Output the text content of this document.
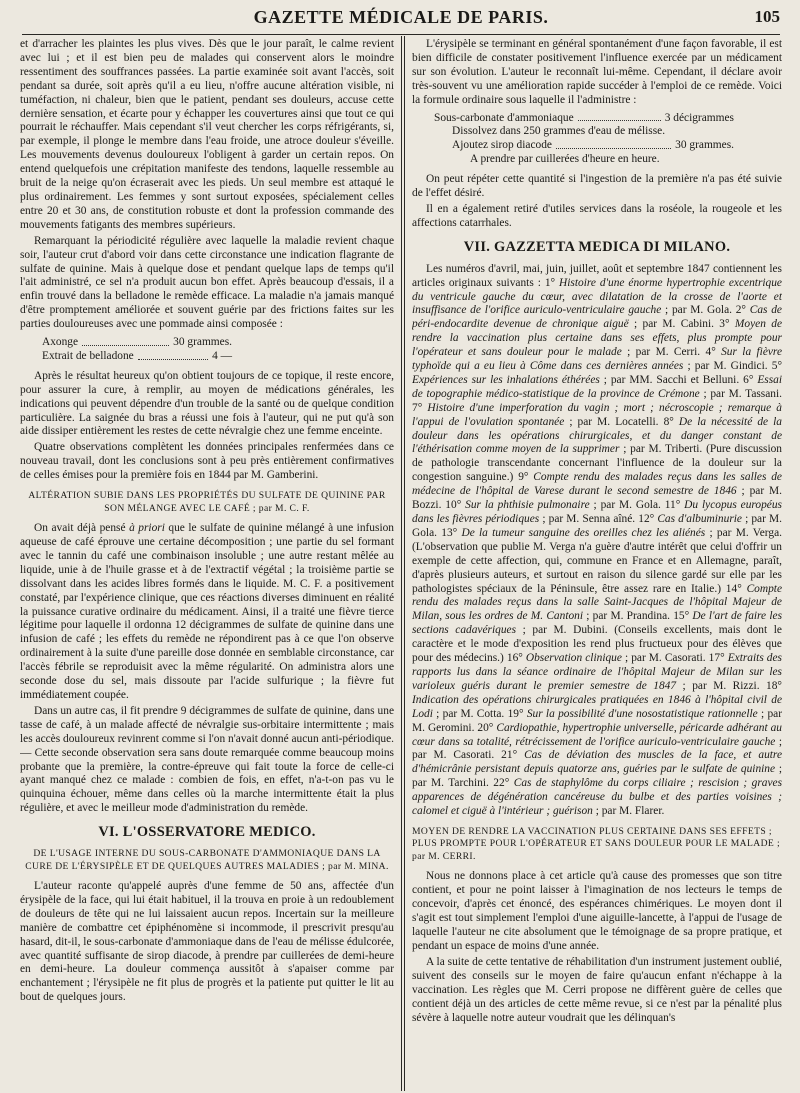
GAZETTE MÉDICALE DE PARIS.	105

et d'arracher les plaintes les plus vives. Dès que le jour paraît, le calme revient avec lui ; et il est bien peu de malades qui conservent alors le moindre ressentiment des souffrances passées. La partie examinée soit avant l'accès, soit pendant sa durée, soit après qu'il a eu lieu, n'offre aucune altération visible, ni tuméfaction, ni chaleur, bien que le patient, pendant ses douleurs, accuse cette dernière sensation, et écarte pour y échapper les couvertures ainsi que tout ce qui pourrait le réchauffer. Mais cependant s'il veut chercher les corps réfrigérants, si, par exemple, il plonge le membre dans l'eau froide, une atroce douleur s'éveille. Les mouvements devenus douloureux l'obligent à garder un certain repos. On entend quelquefois une crépitation manifeste des tendons, laquelle ressemble au bruit de la neige qu'on écraserait avec les pieds. Un seul membre est attaqué le plus ordinairement. Les femmes y sont surtout exposées, spécialement celles entre 20 et 30 ans, de constitution robuste et dont la profession commande des mouvements fatigants des membres supérieurs.

Remarquant la périodicité régulière avec laquelle la maladie revient chaque soir, l'auteur crut d'abord voir dans cette circonstance une indication flagrante de sulfate de quinine. Mais à quelque dose et pendant quelque laps de temps qu'il l'ait administré, ce sel n'a produit aucun bon effet. Après beaucoup d'essais, il a enfin trouvé dans la belladone le remède efficace. La maladie n'a jamais manqué d'être promptement améliorée et souvent guérie par des frictions faites sur les parties douloureuses avec une pommade ainsi composée :

Axonge	30 grammes.
Extrait de belladone	4 —

Après le résultat heureux qu'on obtient toujours de ce topique, il reste encore, pour assurer la cure, à remplir, au moyen de médications générales, les indications qui peuvent dépendre d'un trouble de la santé ou de quelque condition particulière. La saignée du bras a réussi une fois à l'auteur, qui ne put qu'à son aide dissiper entièrement les restes de cette névralgie chez une femme enceinte.

Quatre observations complètent les données principales renfermées dans ce nouveau travail, dont les conclusions sont à peu près entièrement confirmatives de celles émises pour la première fois en 1844 par M. Gamberini.

ALTÉRATION SUBIE DANS LES PROPRIÉTÉS DU SULFATE DE QUININE PAR SON MÉLANGE AVEC LE CAFÉ ; par M. C. F.

On avait déjà pensé à priori que le sulfate de quinine mélangé à une infusion aqueuse de café éprouve une certaine décomposition ; une partie du sel formant avec le tannin du café une combinaison insoluble ; une autre restant mêlée au liquide, unie à de l'huile grasse et à de l'extractif végétal ; la troisième partie se dissolvant dans les acides libres formés dans le liquide. M. C. F. a positivement constaté, par l'expérience clinique, que ces réactions diverses diminuent en réalité la puissance curative ordinaire du médicament. Ainsi, il a traité une fièvre tierce légitime pour laquelle il ordonna 12 décigrammes de sulfate de quinine dans une infusion de café ; les effets du remède ne répondirent pas à ce que l'on observe ordinairement à la suite d'une pareille dose donnée en semblable circonstance, car l'accès fébrile se reproduisit avec la même régularité. On administra alors une seconde dose du sel, mais dissoute par l'acide sulfurique ; la fièvre fut immédiatement coupée.

Dans un autre cas, il fit prendre 9 décigrammes de sulfate de quinine, dans une tasse de café, à un malade affecté de névralgie sus-orbitaire intermittente ; mais les accès douloureux revinrent comme si l'on n'avait donné aucun anti-périodique. — Cette seconde observation sera sans doute remarquée comme beaucoup moins probante que la première, la contre-épreuve qui fait toute la force de celle-ci ayant manqué chez ce malade : combien de fois, en effet, n'a-t-on pas vu le quinquina échouer, même dans celles où la marche intermittente était la plus régulière, et avec le meilleur mode d'administration du remède.

VI. L'OSSERVATORE MEDICO.
DE L'USAGE INTERNE DU SOUS-CARBONATE D'AMMONIAQUE DANS LA CURE DE L'ÉRYSIPÈLE ET DE QUELQUES AUTRES MALADIES ; par M. MINA.

L'auteur raconte qu'appelé auprès d'une femme de 50 ans, affectée d'un érysipèle de la face, qui lui était habituel, il la trouva en proie à un redoublement de douleurs de tête qui ne lui laissaient aucun repos. Incertain sur la meilleure manière de combattre cet épiphénomène si incommode, il prescrivit presqu'au hasard, dit-il, le sous-carbonate d'ammoniaque dans de l'eau de mélisse édulcorée, avec quantité suffisante de sirop diacode, à prendre par cuillerées de demi-heure en demi-heure. La douleur commença aussitôt à s'apaiser comme par enchantement ; l'érysipèle ne fit plus de progrès et la patiente put quitter le lit au bout de quelques jours.

L'érysipèle se terminant en général spontanément d'une façon favorable, il est bien difficile de constater positivement l'influence exercée par un médicament sur son évolution. L'auteur le reconnaît lui-même. Cependant, il déclare avoir très-souvent vu une amélioration rapide succéder à l'emploi de ce remède. Voici la formule ordinaire sous laquelle il l'administre :

Sous-carbonate d'ammoniaque	3 décigrammes
Dissolvez dans 250 grammes d'eau de mélisse.
Ajoutez sirop diacode	30 grammes.
A prendre par cuillerées d'heure en heure.

On peut répéter cette quantité si l'ingestion de la première n'a pas été suivie de l'effet désiré.

Il en a également retiré d'utiles services dans la roséole, la rougeole et les affections catarrhales.

VII. GAZZETTA MEDICA DI MILANO.

Les numéros d'avril, mai, juin, juillet, août et septembre 1847 contiennent les articles originaux suivants : 1° Histoire d'une énorme hypertrophie excentrique du ventricule gauche du cœur, avec dilatation de la crosse de l'aorte et insuffisance de l'orifice auriculo-ventriculaire gauche ; par M. Gola. 2° Cas de péri-endocardite devenue de chronique aiguë ; par M. Cabini. 3° Moyen de rendre la vaccination plus certaine dans ses effets, plus prompte pour l'opérateur et sans douleur pour le malade ; par M. Cerri. 4° Sur la fièvre typhoïde qui a eu lieu à Côme dans ces dernières années ; par M. Gindici. 5° Expériences sur les inhalations éthérées ; par MM. Sacchi et Belluni. 6° Essai de topographie médico-statistique de la province de Crémone ; par M. Tassani. 7° Histoire d'une imperforation du vagin ; mort ; nécroscopie ; remarque à l'appui de l'ovulation spontanée ; par M. Locatelli. 8° De la nécessité de la douleur dans les opérations chirurgicales, et du danger constant de l'éthérisation comme moyen de la supprimer ; par M. Triberti. (Pure discussion de pathologie transcendante concernant l'influence de la douleur sur la congestion sanguine.) 9° Compte rendu des malades reçus dans les salles de médecine de l'hôpital de Varese durant le second semestre de 1846 ; par M. Bozzi. 10° Sur la phthisie pulmonaire ; par M. Gola. 11° Du lycopus européus dans les fièvres périodiques ; par M. Senna aîné. 12° Cas d'albuminurie ; par M. Gola. 13° De la tumeur sanguine des oreilles chez les aliénés ; par M. Verga. (L'observation que publie M. Verga n'a guère d'autre intérêt que celui d'offrir un exemple de cette affection, qui, commune en France et en Allemagne, paraît, d'après plusieurs auteurs, et surtout en raison du silence gardé sur elle par les pathologistes spéciaux de la Péninsule, être assez rare en Italie.) 14° Compte rendu des malades reçus dans la salle Saint-Jacques de l'hôpital Majeur de Milan, sous les ordres de M. Cantoni ; par M. Prandina. 15° De l'art de faire les sections cadavériques ; par M. Dubini. (Conseils excellents, mais dont le caractère et le mode d'exposition les rend plus fructueux pour des élèves que pour des médecins.) 16° Observation clinique ; par M. Casorati. 17° Extraits des rapports lus dans la séance ordinaire de l'hôpital Majeur de Milan sur les varioleux guéris durant le premier semestre de 1847 ; par M. Rizzi. 18° Indication des opérations chirurgicales pratiquées en 1846 à l'hôpital civil de Lodi ; par M. Cotta. 19° Sur la possibilité d'une nosostatistique rationnelle ; par M. Geromini. 20° Cardiopathie, hypertrophie universelle, péricarde adhérant au cœur dans sa totalité, rétrécissement de l'orifice auriculo-ventriculaire gauche ; par M. Casorati. 21° Cas de déviation des muscles de la face, et autre d'hémicrânie persistant depuis quatorze ans, guéries par le sulfate de quinine ; par M. Tarchini. 22° Cas de staphylôme du corps ciliaire ; rescision ; graves apparences de dégénération cancéreuse du bulbe et des parties voisines ; calomel et ciguë à l'intérieur ; guérison ; par M. Flarer.

MOYEN DE RENDRE LA VACCINATION PLUS CERTAINE DANS SES EFFETS ; PLUS PROMPTE POUR L'OPÉRATEUR ET SANS DOULEUR POUR LE MALADE ; par M. CERRI.

Nous ne donnons place à cet article qu'à cause des promesses que son titre contient, et pour ne point laisser à l'imagination de nos lecteurs le temps de concevoir, d'après cet énoncé, des espérances chimériques. Le moyen dont il s'agit est tout simplement l'emploi d'une aiguille-lancette, à l'appui de l'usage de laquelle l'auteur ne cite absolument que le témoignage de sa propre pratique, et pendant un espace de moins d'une année.

A la suite de cette tentative de réhabilitation d'un instrument justement oublié, suivent des conseils sur le moyen de faire qu'aucun enfant n'échappe à la vaccination. Les règles que M. Cerri propose ne diffèrent guère de celles que contient déjà un des articles de cette même revue, si ce n'est par la pénalité plus sévère à laquelle notre auteur voudrait que les délinquan's
